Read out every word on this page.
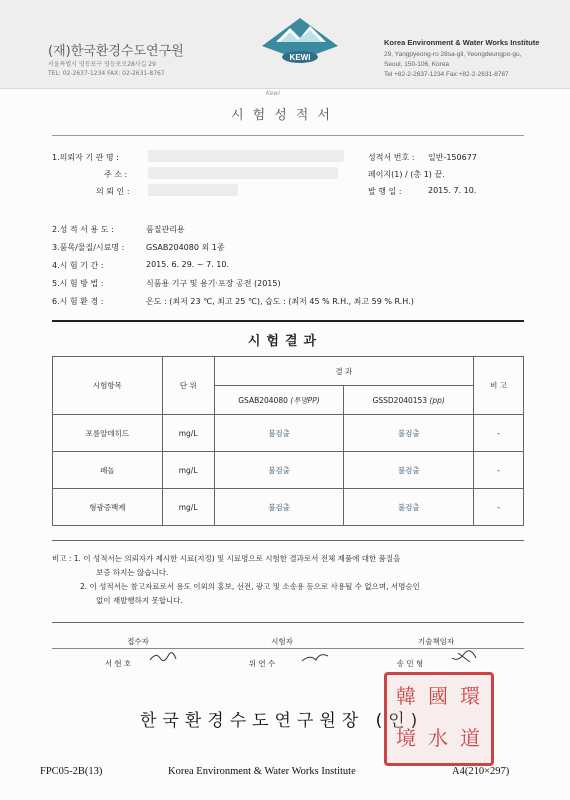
(재)한국환경수도연구원
서울특별시 영등포구 영등포로28사길 29
TEL: 02-2637-1234 FAX: 02-2631-8767
KEWI
Korea Environment & Water Works Institute
29, Yangpyeong-ro 28sa-gil, Yeongdeungpo-gu,
Seoul, 150-106, Korea
Tel +82-2-2637-1234 Fax:+82-2-2631-8767
Kewi
시험성적서
1.의뢰자 기 관 명 :
주 소 :
의 뢰 인 :
성적서 번호 : 일반-150677
페이지(1) / (총 1) 끝.
발 행 일 :	2015. 7. 10.
2.성 적 서 용 도 :	품질관리용
3.품목/물질/시료명 :	GSAB204080 외 1종
4.시 험 기 간 :	2015. 6. 29. ~ 7. 10.
5.시 험 방 법 :	식품용 기구 및 용기·포장 공전 (2015)
6.시 험 환 경 :	온도 : (최저 23 ℃, 최고 25 ℃), 습도 : (최저 45 % R.H., 최고 59 % R.H.)
시험결과
시험항목	단 위	결 과		비 고
		GSAB204080 (투명PP)	GSSD2040153 (pp)	
포름알데히드	mg/L	불검출	불검출	-
페놀	mg/L	불검출	불검출	-
형광증백제	mg/L	불검출	불검출	-
비고 : 1. 이 성적서는 의뢰자가 제시한 시료(지정) 및 시료명으로 시험한 결과로서 전체 제품에 대한 품질을
보증 하지는 않습니다.
2. 이 성적서는 참고자료로서 용도 이외의 홍보, 선전, 광고 및 소송용 등으로 사용될 수 없으며, 서명승인
없이 재발행하지 못합니다.
접수자	시험자	기술책임자
서 현 호	위 연 수	송 민 형
한국환경수도연구원장 (인)
韓 國 環
境 水 道
FPC05-2B(13)	Korea Environment & Water Works Institute	A4(210×297)
